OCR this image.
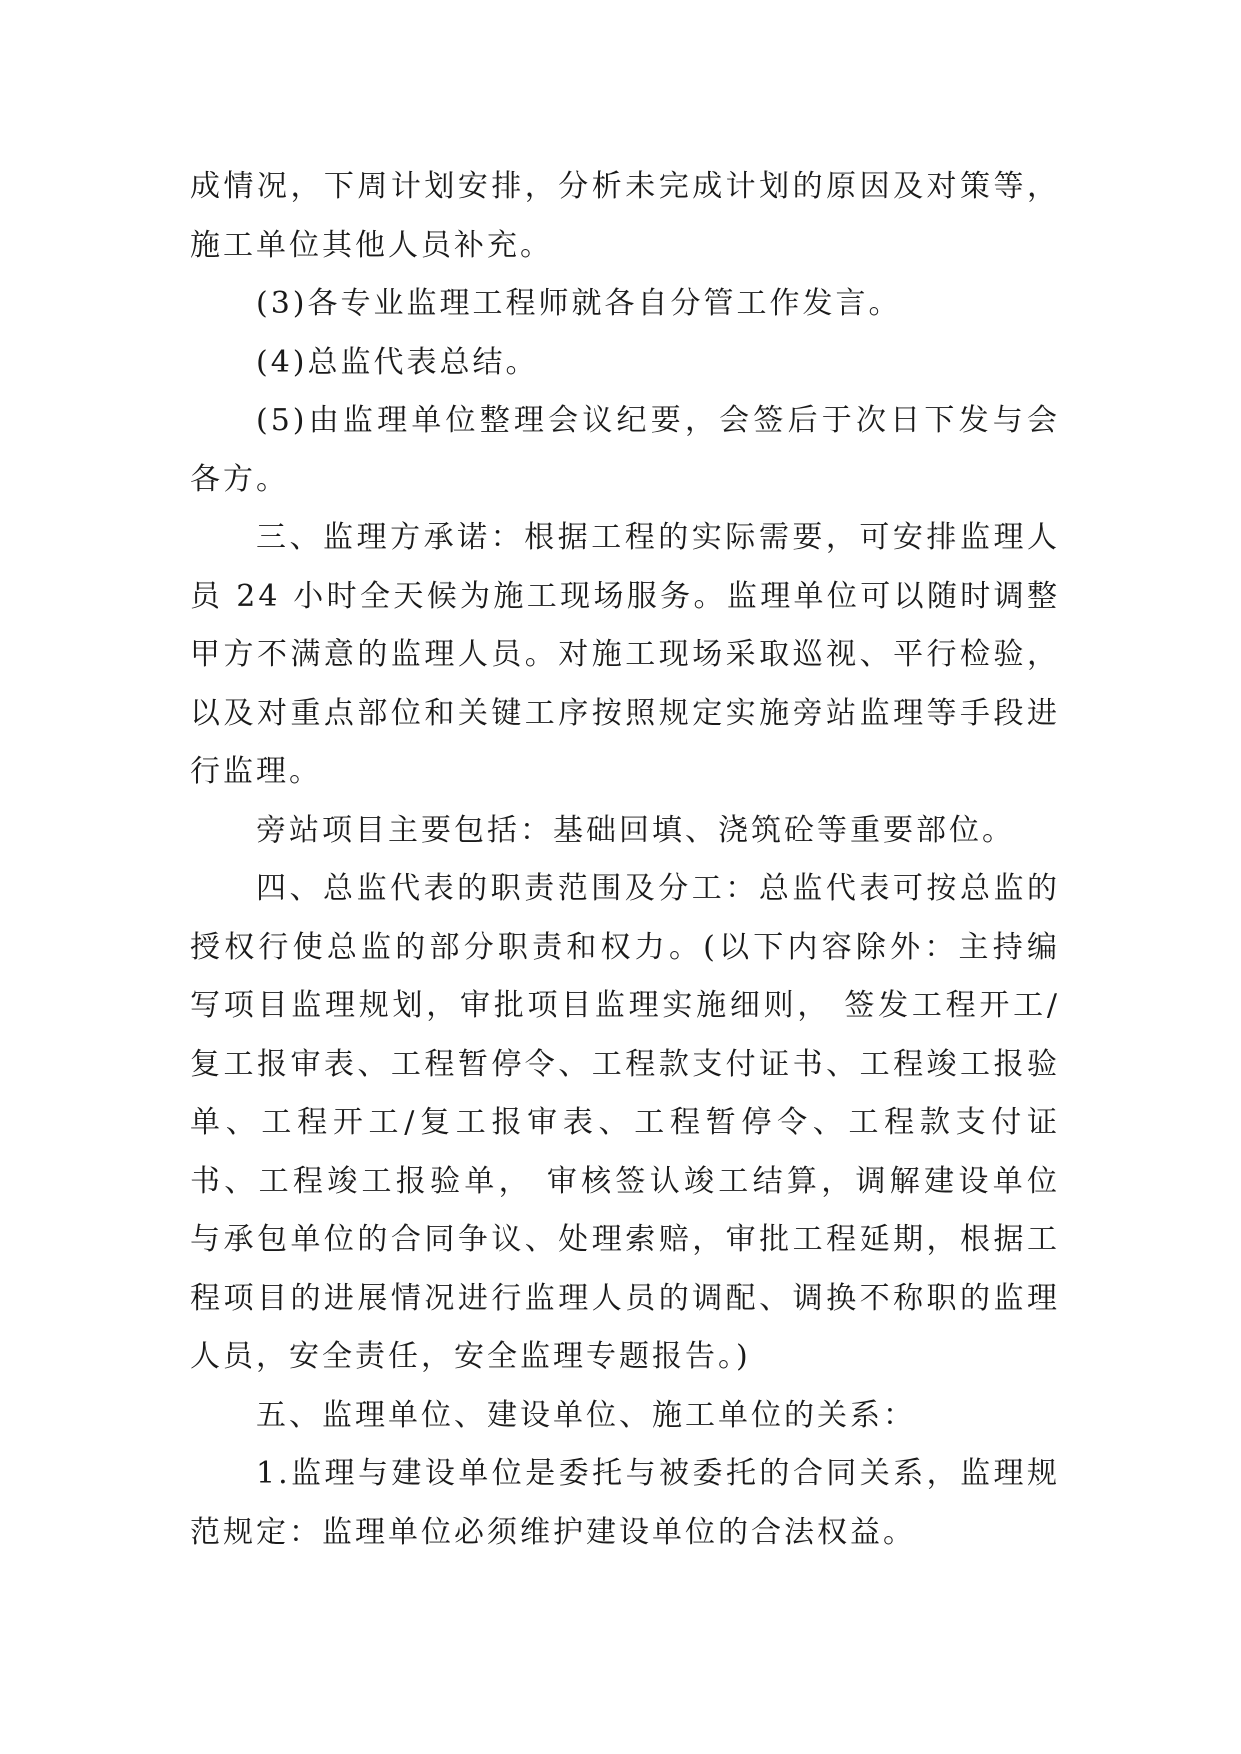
成情况，下周计划安排，分析未完成计划的原因及对策等，施工单位其他人员补充。

(3)各专业监理工程师就各自分管工作发言。

(4)总监代表总结。

(5)由监理单位整理会议纪要，会签后于次日下发与会各方。

三、监理方承诺：根据工程的实际需要，可安排监理人员 24 小时全天候为施工现场服务。监理单位可以随时调整甲方不满意的监理人员。对施工现场采取巡视、平行检验，以及对重点部位和关键工序按照规定实施旁站监理等手段进行监理。

旁站项目主要包括：基础回填、浇筑砼等重要部位。

四、总监代表的职责范围及分工：总监代表可按总监的授权行使总监的部分职责和权力。(以下内容除外：主持编写项目监理规划，审批项目监理实施细则， 签发工程开工/复工报审表、工程暂停令、工程款支付证书、工程竣工报验单、工程开工/复工报审表、工程暂停令、工程款支付证书、工程竣工报验单， 审核签认竣工结算，调解建设单位与承包单位的合同争议、处理索赔，审批工程延期，根据工程项目的进展情况进行监理人员的调配、调换不称职的监理人员，安全责任，安全监理专题报告。)

五、监理单位、建设单位、施工单位的关系：

1.监理与建设单位是委托与被委托的合同关系，监理规范规定：监理单位必须维护建设单位的合法权益。
